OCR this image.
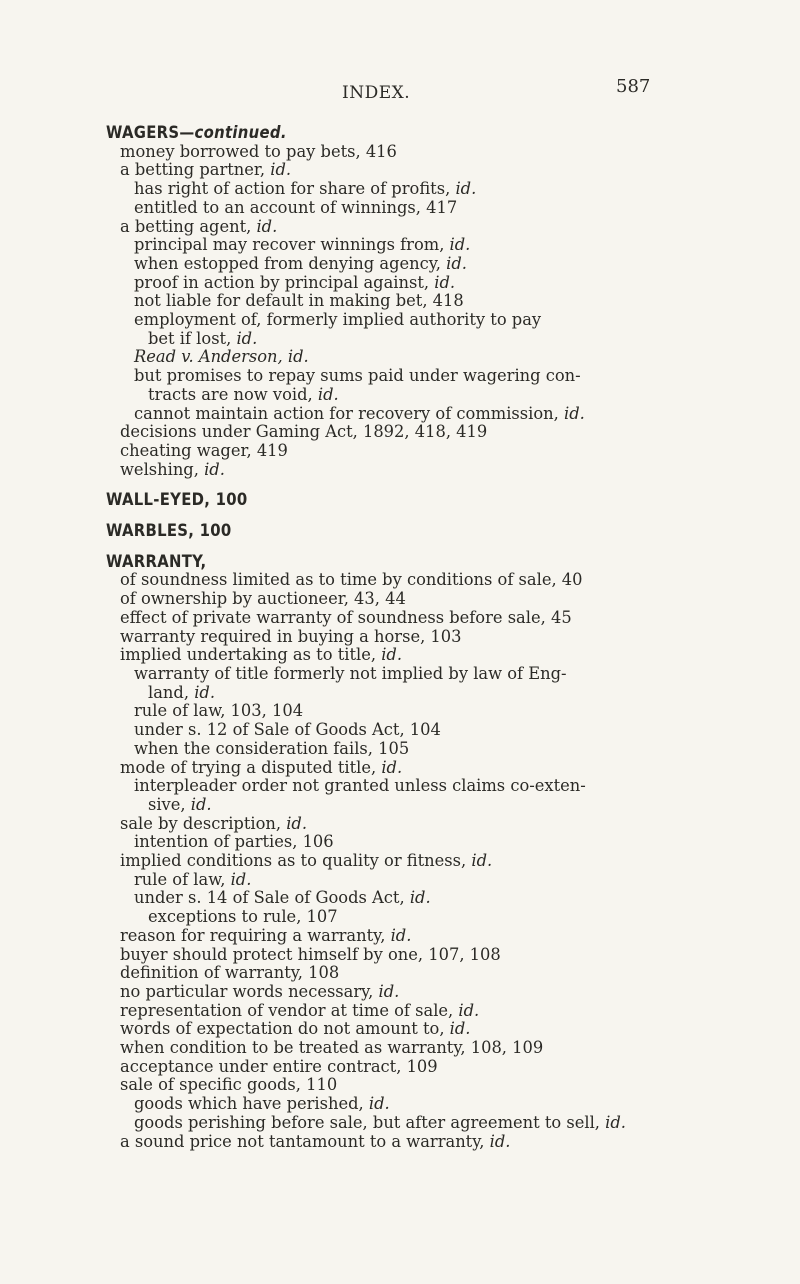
INDEX.	587
WAGERS—continued.
money borrowed to pay bets, 416
a betting partner, id.
has right of action for share of profits, id.
entitled to an account of winnings, 417
a betting agent, id.
principal may recover winnings from, id.
when estopped from denying agency, id.
proof in action by principal against, id.
not liable for default in making bet, 418
employment of, formerly implied authority to pay
bet if lost, id.
Read v. Anderson, id.
but promises to repay sums paid under wagering con-
tracts are now void, id.
cannot maintain action for recovery of commission, id.
decisions under Gaming Act, 1892, 418, 419
cheating wager, 419
welshing, id.
WALL-EYED, 100
WARBLES, 100
WARRANTY,
of soundness limited as to time by conditions of sale, 40
of ownership by auctioneer, 43, 44
effect of private warranty of soundness before sale, 45
warranty required in buying a horse, 103
implied undertaking as to title, id.
warranty of title formerly not implied by law of Eng-
land, id.
rule of law, 103, 104
under s. 12 of Sale of Goods Act, 104
when the consideration fails, 105
mode of trying a disputed title, id.
interpleader order not granted unless claims co-exten-
sive, id.
sale by description, id.
intention of parties, 106
implied conditions as to quality or fitness, id.
rule of law, id.
under s. 14 of Sale of Goods Act, id.
exceptions to rule, 107
reason for requiring a warranty, id.
buyer should protect himself by one, 107, 108
definition of warranty, 108
no particular words necessary, id.
representation of vendor at time of sale, id.
words of expectation do not amount to, id.
when condition to be treated as warranty, 108, 109
acceptance under entire contract, 109
sale of specific goods, 110
goods which have perished, id.
goods perishing before sale, but after agreement to sell, id.
a sound price not tantamount to a warranty, id.
